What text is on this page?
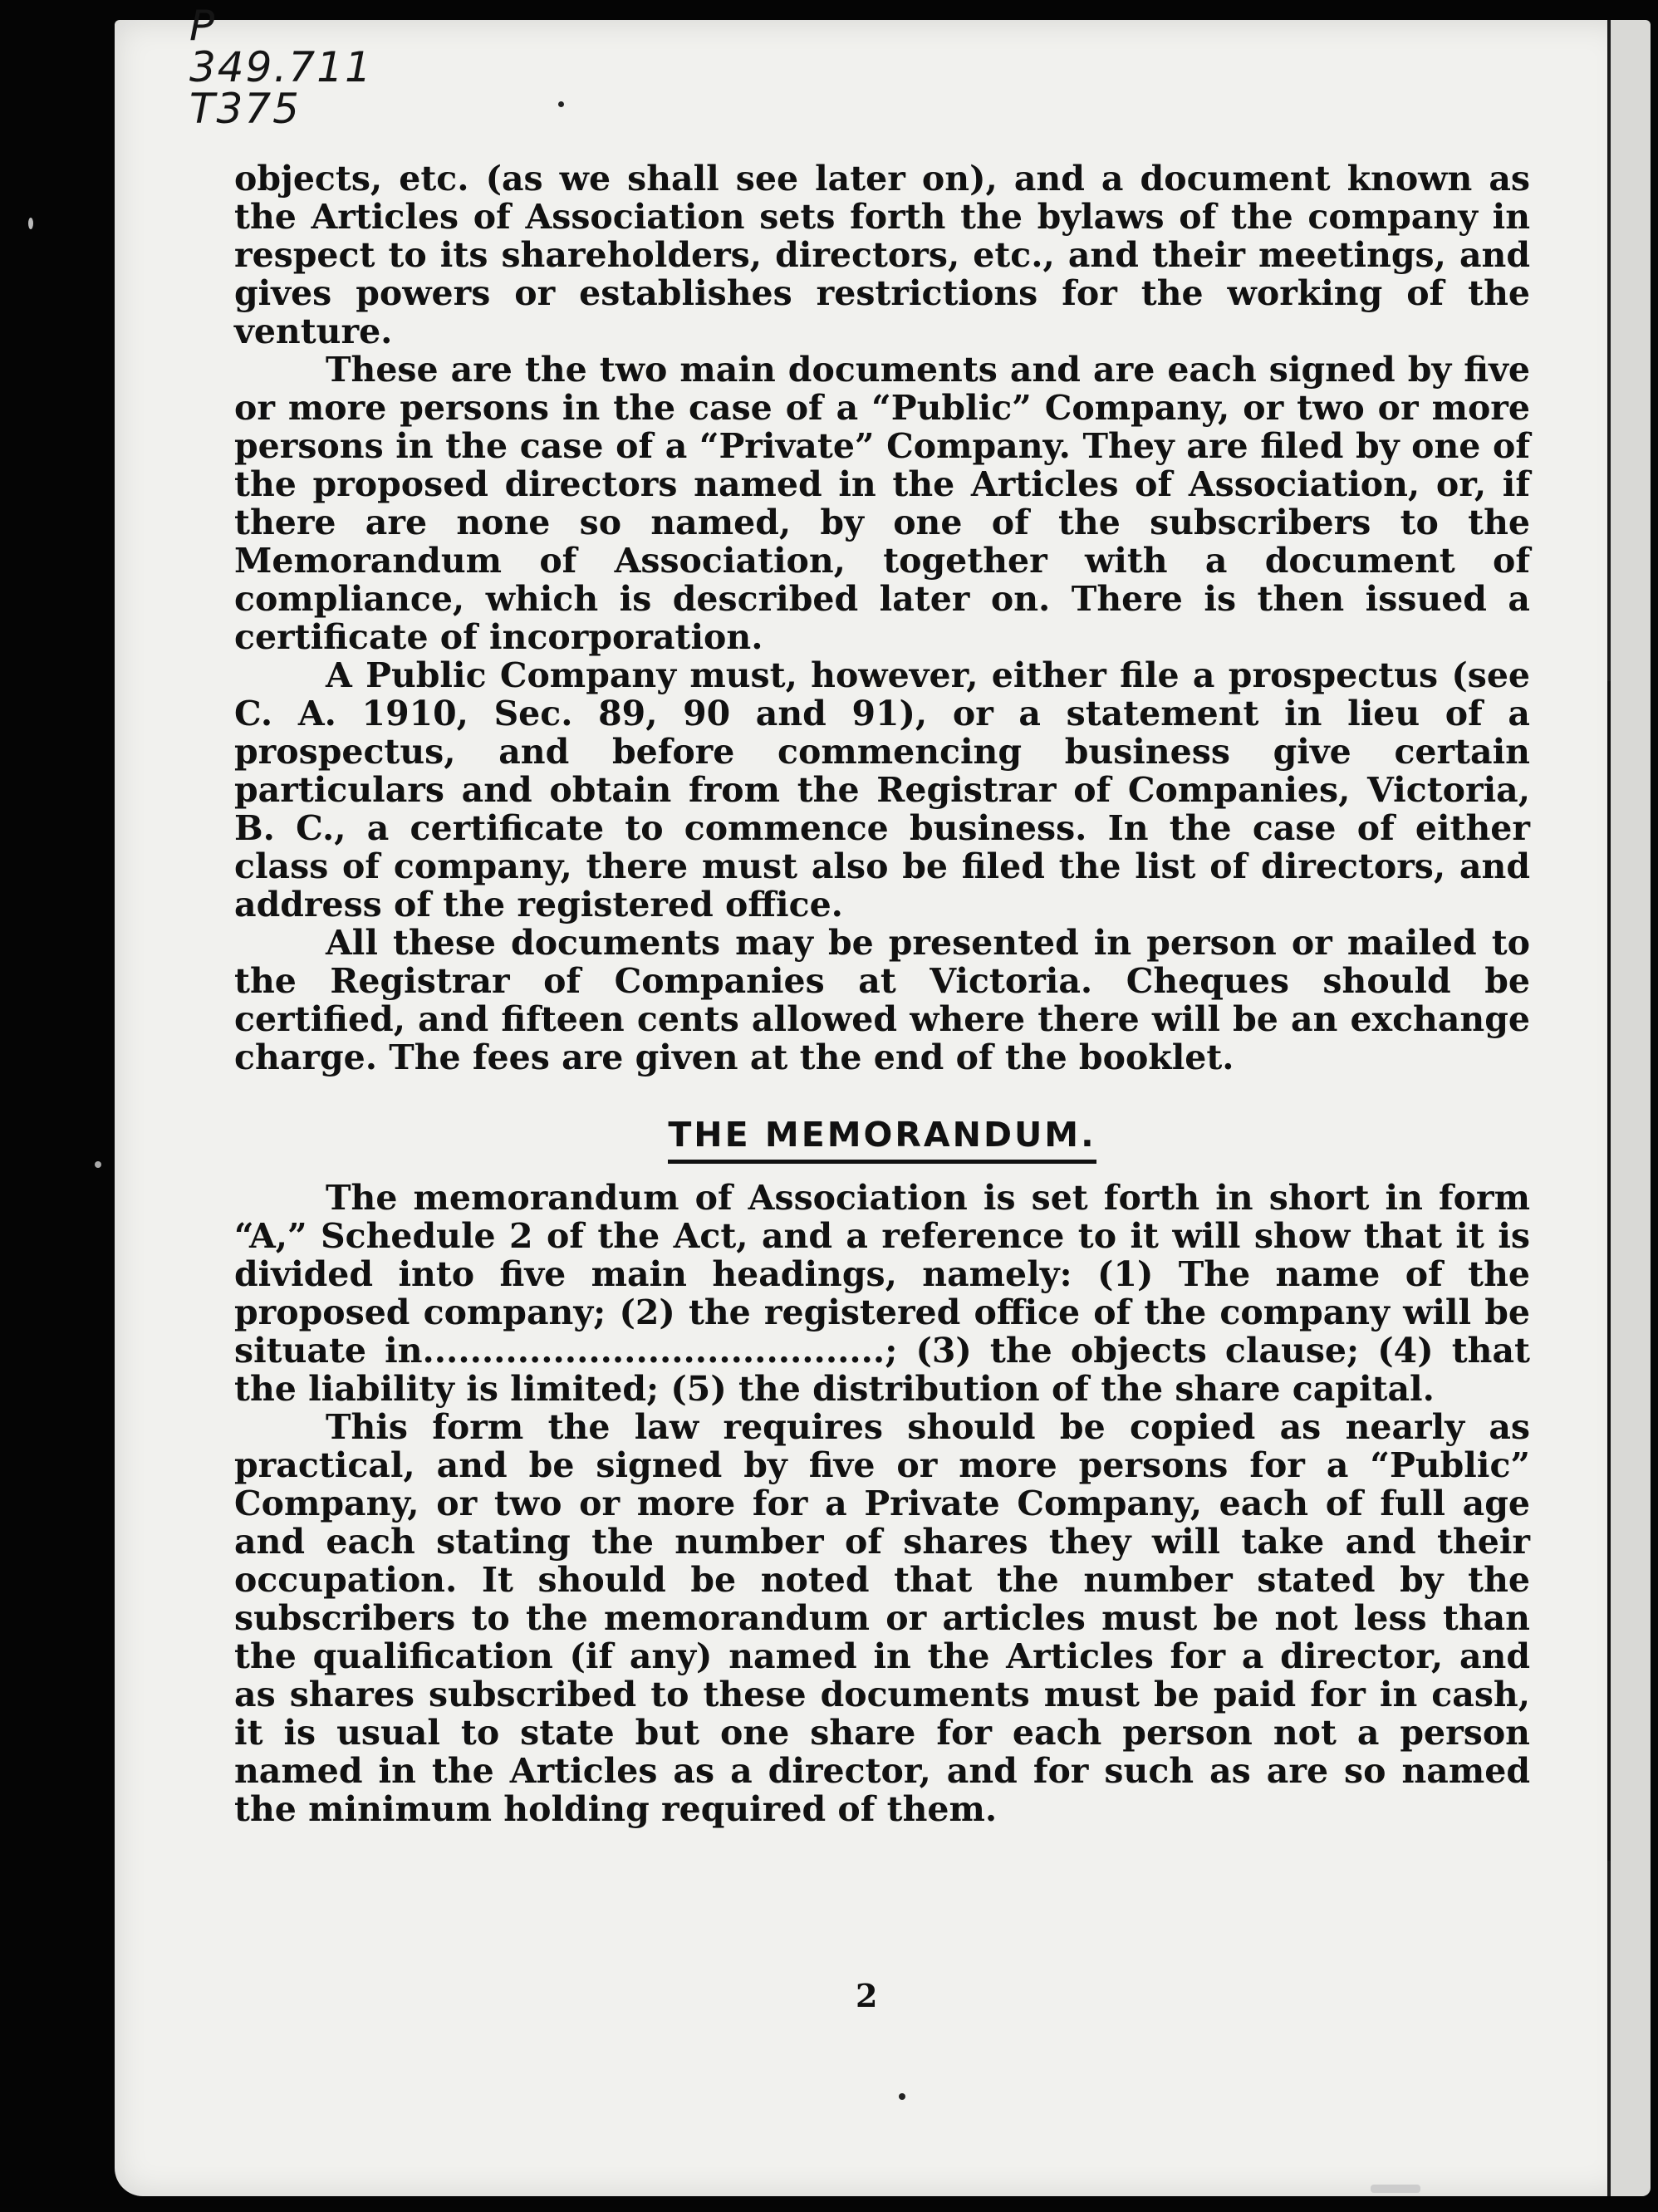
P
349.711
T375

objects, etc. (as we shall see later on), and a document known as the Articles of Association sets forth the bylaws of the company in respect to its shareholders, directors, etc., and their meetings, and gives powers or establishes restrictions for the working of the venture.

These are the two main documents and are each signed by five or more persons in the case of a “Public” Company, or two or more persons in the case of a “Private” Company. They are filed by one of the proposed directors named in the Articles of Association, or, if there are none so named, by one of the subscribers to the Memorandum of Association, together with a document of compliance, which is described later on. There is then issued a certificate of incorporation.

A Public Company must, however, either file a prospectus (see C. A. 1910, Sec. 89, 90 and 91), or a statement in lieu of a prospectus, and before commencing business give certain particulars and obtain from the Registrar of Companies, Victoria, B. C., a certificate to commence business. In the case of either class of company, there must also be filed the list of directors, and address of the registered office.

All these documents may be presented in person or mailed to the Registrar of Companies at Victoria. Cheques should be certified, and fifteen cents allowed where there will be an exchange charge. The fees are given at the end of the booklet.

THE MEMORANDUM.

The memorandum of Association is set forth in short in form “A,” Schedule 2 of the Act, and a reference to it will show that it is divided into five main headings, namely: (1) The name of the proposed company; (2) the registered office of the company will be situate in.......................................; (3) the objects clause; (4) that the liability is limited; (5) the distribution of the share capital.

This form the law requires should be copied as nearly as practical, and be signed by five or more persons for a “Public” Company, or two or more for a Private Company, each of full age and each stating the number of shares they will take and their occupation. It should be noted that the number stated by the subscribers to the memorandum or articles must be not less than the qualification (if any) named in the Articles for a director, and as shares subscribed to these documents must be paid for in cash, it is usual to state but one share for each person not a person named in the Articles as a director, and for such as are so named the minimum holding required of them.

2
